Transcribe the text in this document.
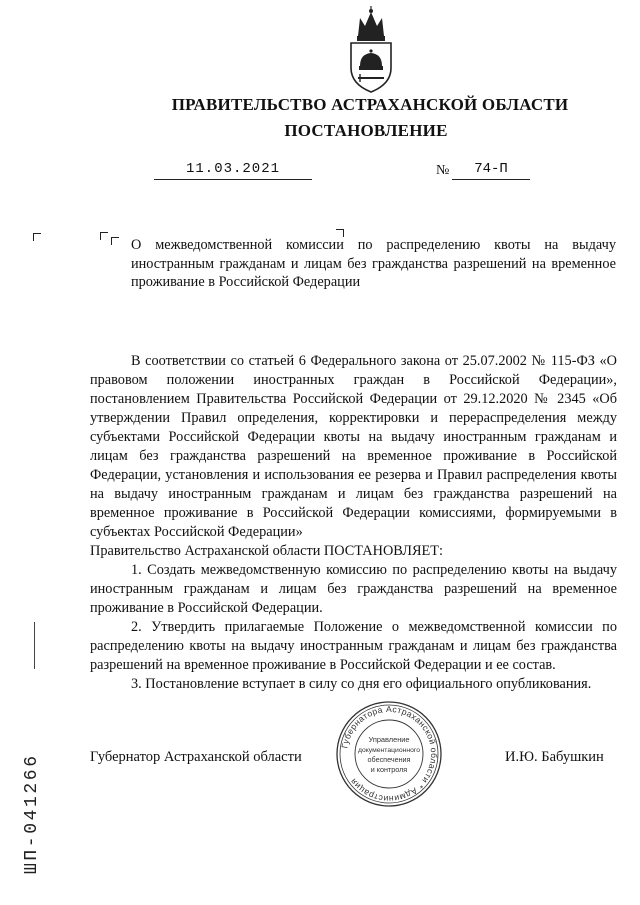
ПРАВИТЕЛЬСТВО АСТРАХАНСКОЙ ОБЛАСТИ
ПОСТАНОВЛЕНИЕ
11.03.2021	№	74-П
О межведомственной комиссии по распределению квоты на выдачу иностранным гражданам и лицам без гражданства разрешений на временное проживание в Российской Федерации

В соответствии со статьей 6 Федерального закона от 25.07.2002 № 115-ФЗ «О правовом положении иностранных граждан в Российской Федерации», постановлением Правительства Российской Федерации от 29.12.2020 № 2345 «Об утверждении Правил определения, корректировки и перераспределения между субъектами Российской Федерации квоты на выдачу иностранным гражданам и лицам без гражданства разрешений на временное проживание в Российской Федерации, установления и использования ее резерва и Правил распределения квоты на выдачу иностранным гражданам и лицам без гражданства разрешений на временное проживание в Российской Федерации комиссиями, формируемыми в субъектах Российской Федерации»

Правительство Астраханской области ПОСТАНОВЛЯЕТ:

1. Создать межведомственную комиссию по распределению квоты на выдачу иностранным гражданам и лицам без гражданства разрешений на временное проживание в Российской Федерации.

2. Утвердить прилагаемые Положение о межведомственной комиссии по распределению квоты на выдачу иностранным гражданам и лицам без гражданства разрешений на временное проживание в Российской Федерации и ее состав.

3. Постановление вступает в силу со дня его официального опубликования.

Губернатор Астраханской области	И.Ю. Бабушкин
Губернатора Астраханской области * Администрация
Управление
документационного
обеспечения
и контроля
ШП-041266
